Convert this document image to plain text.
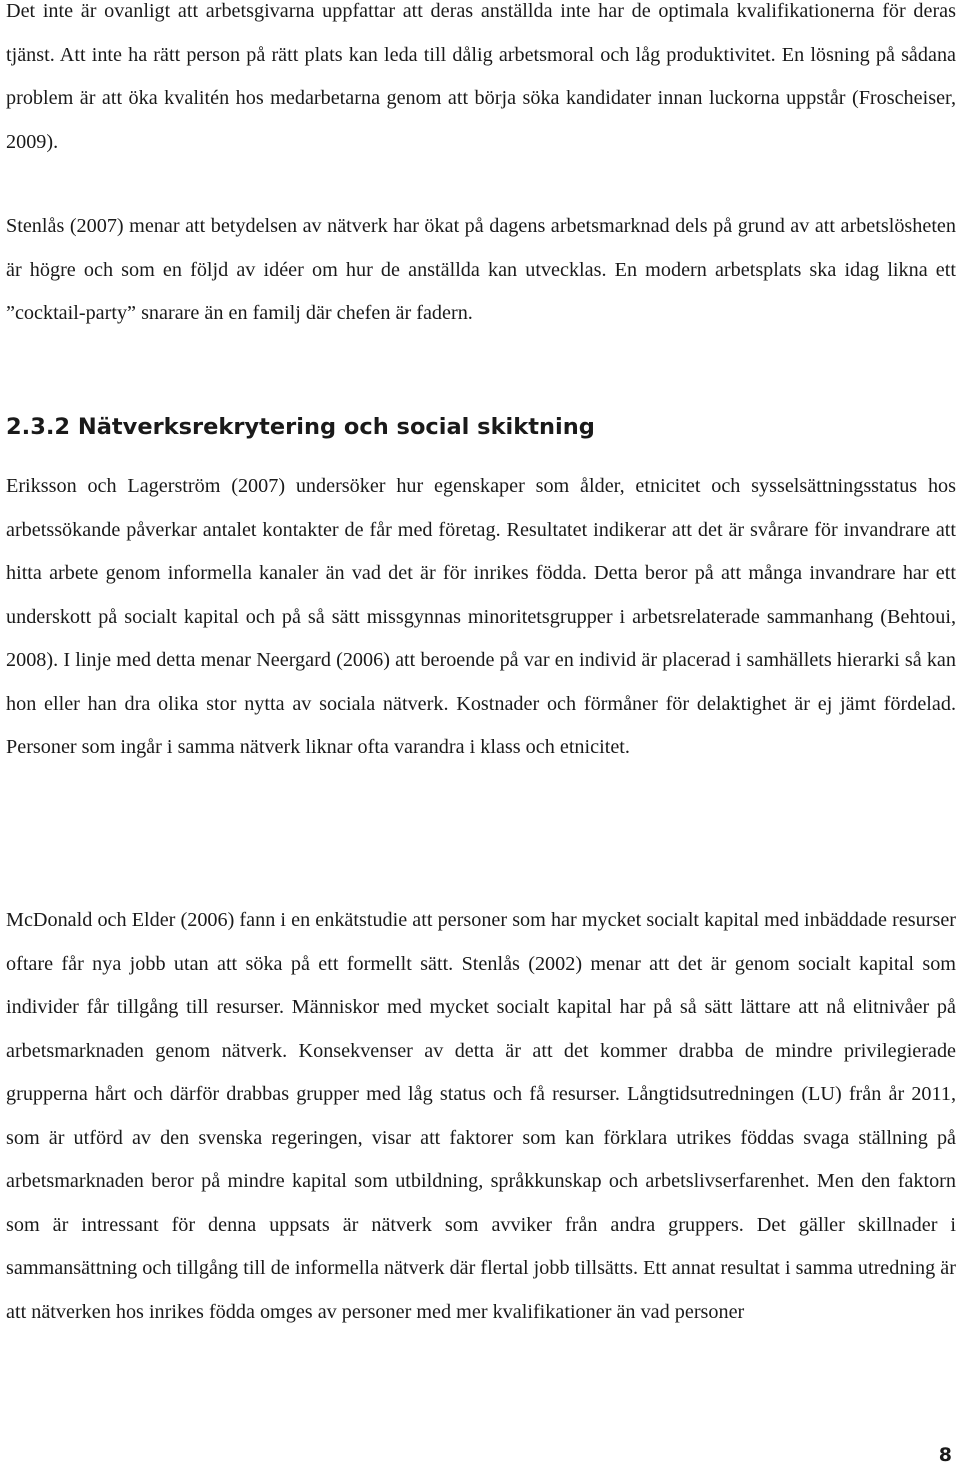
Det inte är ovanligt att arbetsgivarna uppfattar att deras anställda inte har de optimala kvalifikationerna för deras tjänst. Att inte ha rätt person på rätt plats kan leda till dålig arbetsmoral och låg produktivitet. En lösning på sådana problem är att öka kvalitén hos medarbetarna genom att börja söka kandidater innan luckorna uppstår (Froscheiser, 2009).

Stenlås (2007) menar att betydelsen av nätverk har ökat på dagens arbetsmarknad dels på grund av att arbetslösheten är högre och som en följd av idéer om hur de anställda kan utvecklas. En modern arbetsplats ska idag likna ett ”cocktail-party” snarare än en familj där chefen är fadern.

2.3.2 Nätverksrekrytering och social skiktning

Eriksson och Lagerström (2007) undersöker hur egenskaper som ålder, etnicitet och sysselsättningsstatus hos arbetssökande påverkar antalet kontakter de får med företag. Resultatet indikerar att det är svårare för invandrare att hitta arbete genom informella kanaler än vad det är för inrikes födda. Detta beror på att många invandrare har ett underskott på socialt kapital och på så sätt missgynnas minoritetsgrupper i arbetsrelaterade sammanhang (Behtoui, 2008). I linje med detta menar Neergard (2006) att beroende på var en individ är placerad i samhällets hierarki så kan hon eller han dra olika stor nytta av sociala nätverk. Kostnader och förmåner för delaktighet är ej jämt fördelad. Personer som ingår i samma nätverk liknar ofta varandra i klass och etnicitet.

McDonald och Elder (2006) fann i en enkätstudie att personer som har mycket socialt kapital med inbäddade resurser oftare får nya jobb utan att söka på ett formellt sätt. Stenlås (2002) menar att det är genom socialt kapital som individer får tillgång till resurser. Människor med mycket socialt kapital har på så sätt lättare att nå elitnivåer på arbetsmarknaden genom nätverk. Konsekvenser av detta är att det kommer drabba de mindre privilegierade grupperna hårt och därför drabbas grupper med låg status och få resurser. Långtidsutredningen (LU) från år 2011, som är utförd av den svenska regeringen, visar att faktorer som kan förklara utrikes föddas svaga ställning på arbetsmarknaden beror på mindre kapital som utbildning, språkkunskap och arbetslivserfarenhet. Men den faktorn som är intressant för denna uppsats är nätverk som avviker från andra gruppers. Det gäller skillnader i sammansättning och tillgång till de informella nätverk där flertal jobb tillsätts. Ett annat resultat i samma utredning är att nätverken hos inrikes födda omges av personer med mer kvalifikationer än vad personer

8
